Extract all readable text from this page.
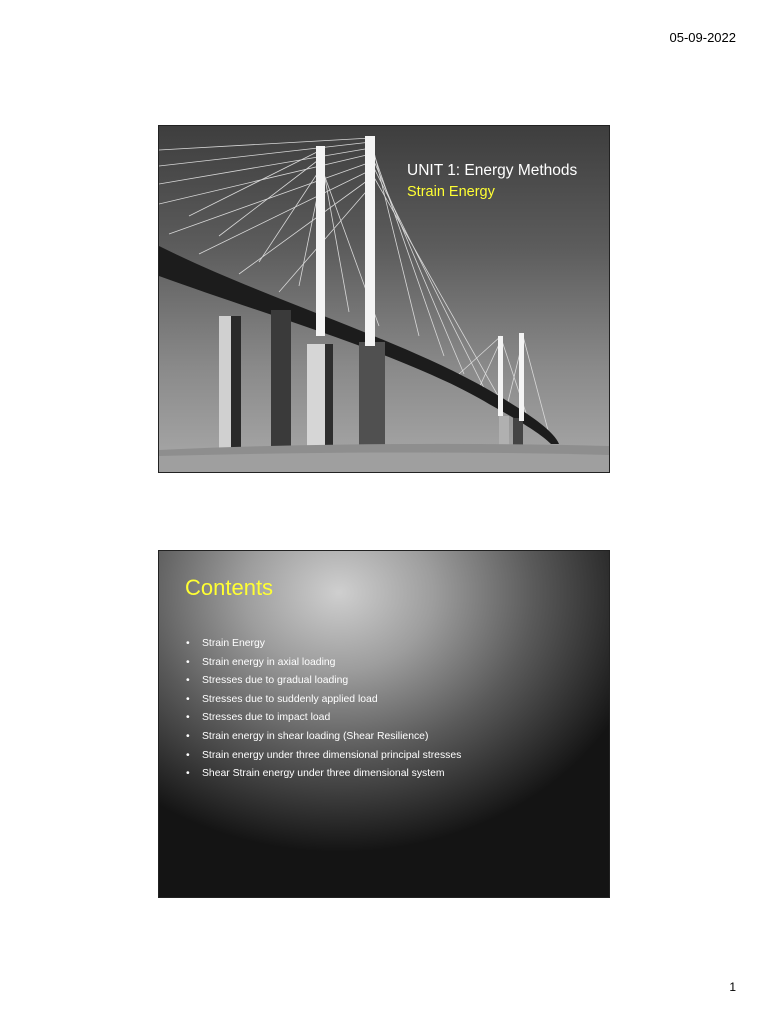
05-09-2022
UNIT 1: Energy Methods
Strain Energy
Contents
• Strain Energy
• Strain energy in axial loading
• Stresses due to gradual loading
• Stresses due to suddenly applied load
• Stresses due to impact load
• Strain energy in shear loading (Shear Resilience)
• Strain energy under three dimensional principal stresses
• Shear Strain energy under three dimensional system
1
